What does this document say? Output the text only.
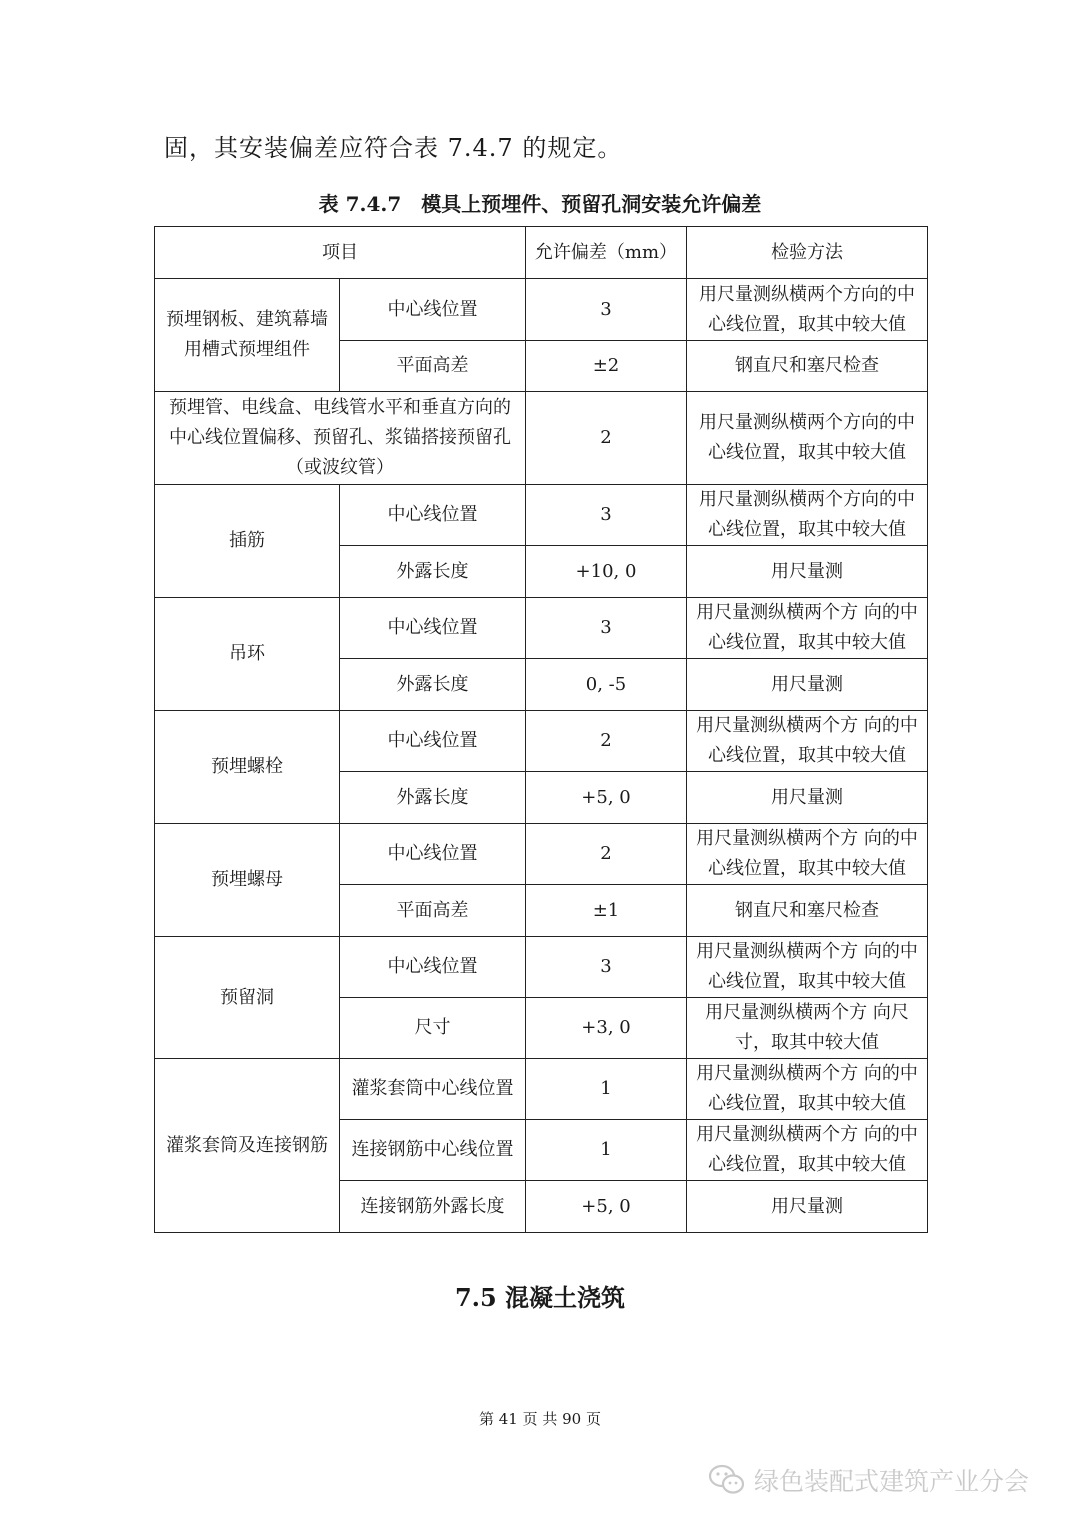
固，其安装偏差应符合表 7.4.7 的规定。
表 7.4.7　模具上预埋件、预留孔洞安装允许偏差
项目		允许偏差（mm）	检验方法
预埋钢板、建筑幕墙用槽式预埋组件	中心线位置	3	用尺量测纵横两个方向的中心线位置，取其中较大值
	平面高差	±2	钢直尺和塞尺检查
预埋管、电线盒、电线管水平和垂直方向的中心线位置偏移、预留孔、浆锚搭接预留孔（或波纹管）		2	用尺量测纵横两个方向的中心线位置，取其中较大值
插筋	中心线位置	3	用尺量测纵横两个方向的中心线位置，取其中较大值
	外露长度	+10, 0	用尺量测
吊环	中心线位置	3	用尺量测纵横两个方 向的中心线位置，取其中较大值
	外露长度	0, -5	用尺量测
预埋螺栓	中心线位置	2	用尺量测纵横两个方 向的中心线位置，取其中较大值
	外露长度	+5, 0	用尺量测
预埋螺母	中心线位置	2	用尺量测纵横两个方 向的中心线位置，取其中较大值
	平面高差	±1	钢直尺和塞尺检查
预留洞	中心线位置	3	用尺量测纵横两个方 向的中心线位置，取其中较大值
	尺寸	+3, 0	用尺量测纵横两个方 向尺寸，取其中较大值
灌浆套筒及连接钢筋	灌浆套筒中心线位置	1	用尺量测纵横两个方 向的中心线位置，取其中较大值
	连接钢筋中心线位置	1	用尺量测纵横两个方 向的中心线位置，取其中较大值
	连接钢筋外露长度	+5, 0	用尺量测
7.5 混凝土浇筑
第 41 页 共 90 页
绿色装配式建筑产业分会
